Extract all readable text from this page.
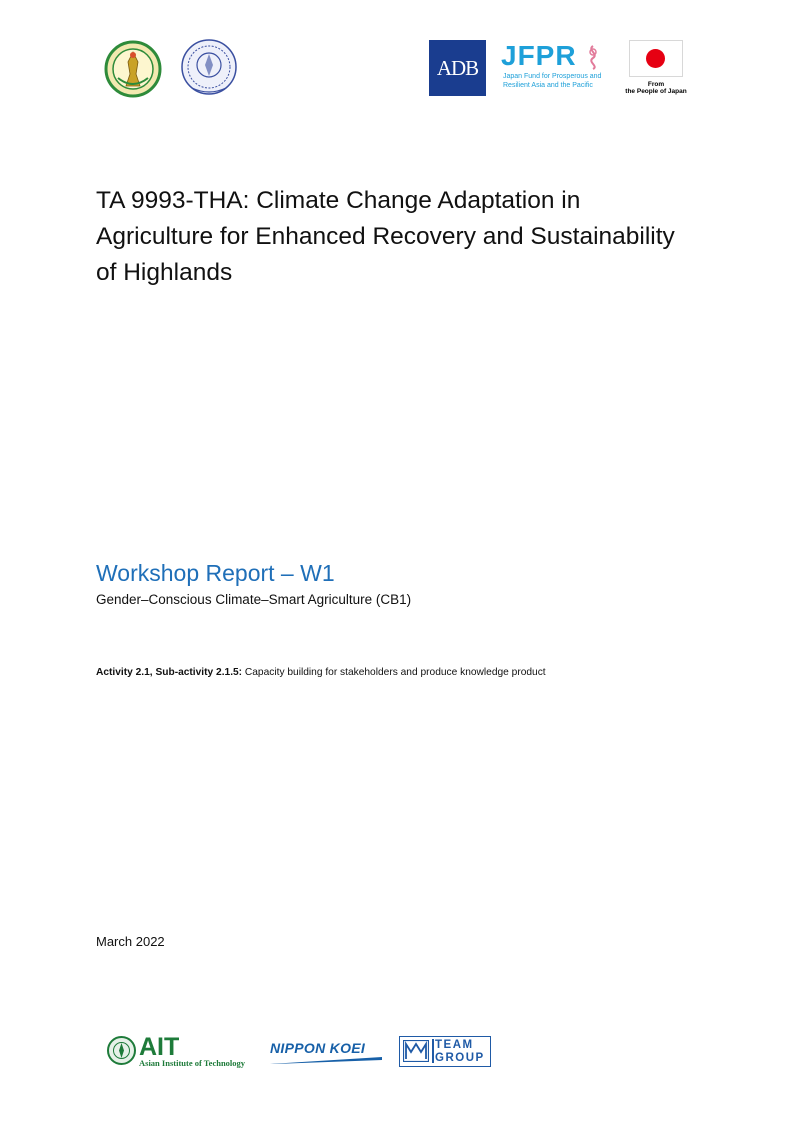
ADB JFPR
Japan Fund for Prosperous and
Resilient Asia and the Pacific	From
the People of Japan
TA 9993-THA: Climate Change Adaptation in Agriculture for Enhanced Recovery and Sustainability of Highlands
Workshop Report – W1
Gender–Conscious Climate–Smart Agriculture (CB1)
Activity 2.1, Sub-activity 2.1.5: Capacity building for stakeholders and produce knowledge product
March 2022
AIT
Asian Institute of Technology
NIPPON KOEI	TEAM
GROUP
